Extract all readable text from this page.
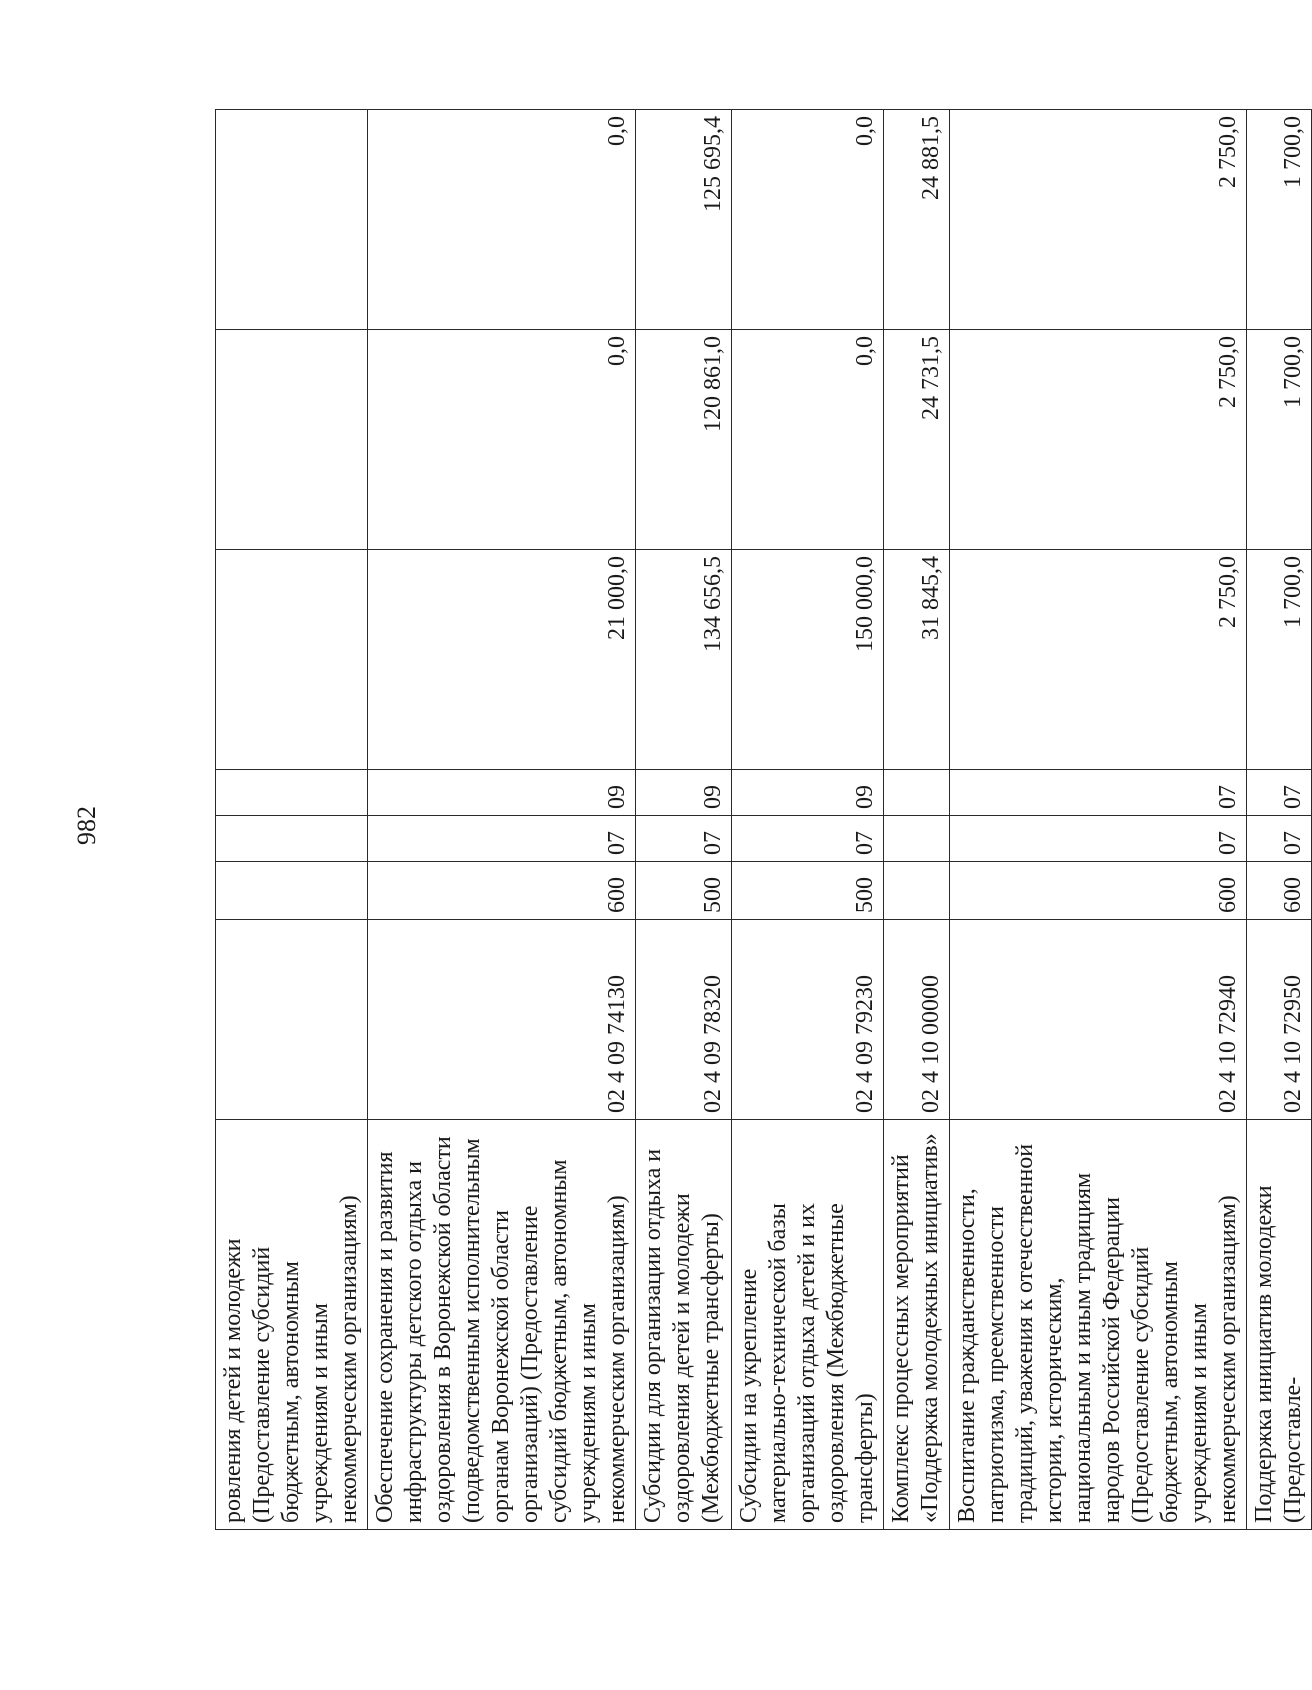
982
ровления детей и молодежи (Предоставление субсидий бюджетным, автономным учреждениям и иным некоммерческим организациям)							
Обеспечение сохранения и развития инфраструктуры детского отдыха и оздоровления в Воронежской области (подведомственным исполнительным органам Воронежской области организаций) (Предоставление субсидий бюджетным, автономным учреждениям и иным некоммерческим организациям)	02 4 09 74130	600	07	09	21 000,0	0,0	0,0
Субсидии для организации отдыха и оздоровления детей и молодежи (Межбюджетные трансферты)	02 4 09 78320	500	07	09	134 656,5	120 861,0	125 695,4
Субсидии на укрепление материально-технической базы организаций отдыха детей и их оздоровления (Межбюджетные трансферты)	02 4 09 79230	500	07	09	150 000,0	0,0	0,0
Комплекс процессных мероприятий «Поддержка молодежных инициатив»	02 4 10 00000				31 845,4	24 731,5	24 881,5
Воспитание гражданственности, патриотизма, преемственности традиций, уважения к отечественной истории, историческим, национальным и иным традициям народов Российской Федерации (Предоставление субсидий бюджетным, автономным учреждениям и иным некоммерческим организациям)	02 4 10 72940	600	07	07	2 750,0	2 750,0	2 750,0
Поддержка инициатив молодежи (Предоставле-	02 4 10 72950	600	07	07	1 700,0	1 700,0	1 700,0
